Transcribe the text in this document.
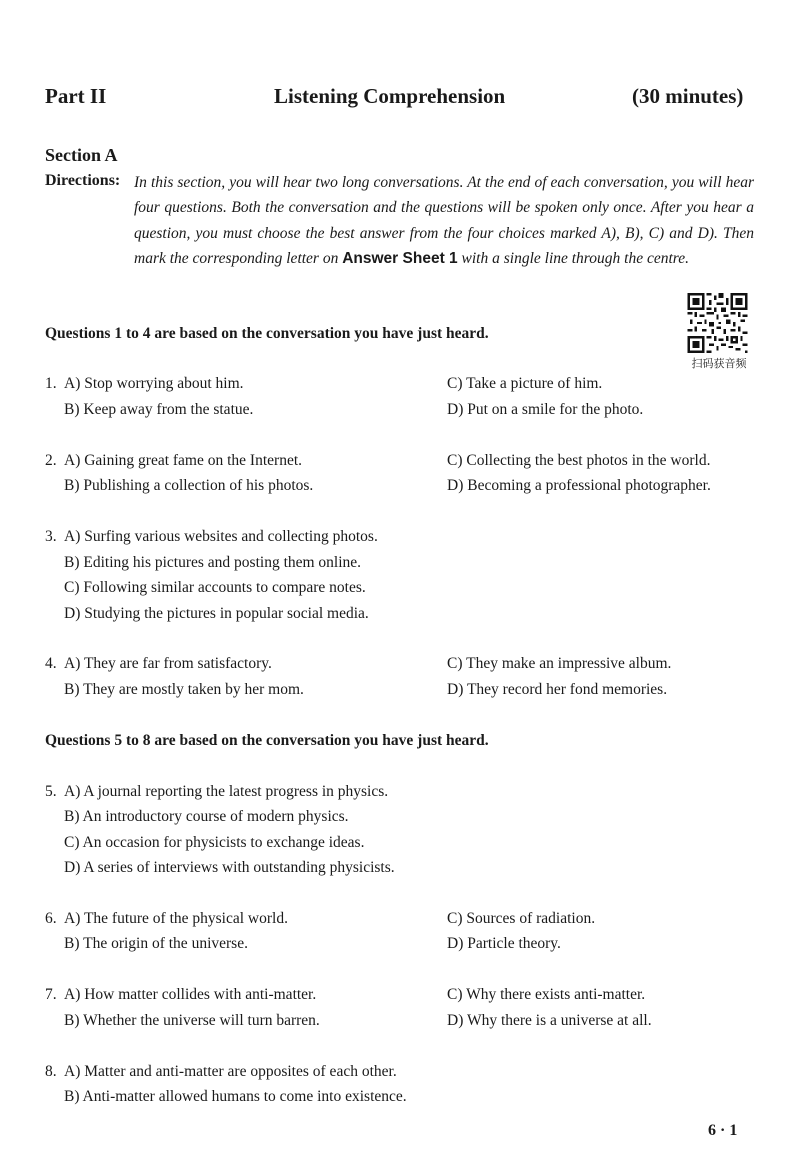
Part II	Listening Comprehension	(30 minutes)
Section A
Directions: In this section, you will hear two long conversations. At the end of each conversation, you will hear four questions. Both the conversation and the questions will be spoken only once. After you hear a question, you must choose the best answer from the four choices marked A), B), C) and D). Then mark the corresponding letter on Answer Sheet 1 with a single line through the centre.
扫码获音频
Questions 1 to 4 are based on the conversation you have just heard.
1. A) Stop worrying about him.
B) Keep away from the statue.
C) Take a picture of him.
D) Put on a smile for the photo.
2. A) Gaining great fame on the Internet.
B) Publishing a collection of his photos.
C) Collecting the best photos in the world.
D) Becoming a professional photographer.
3. A) Surfing various websites and collecting photos.
B) Editing his pictures and posting them online.
C) Following similar accounts to compare notes.
D) Studying the pictures in popular social media.
4. A) They are far from satisfactory.
B) They are mostly taken by her mom.
C) They make an impressive album.
D) They record her fond memories.
Questions 5 to 8 are based on the conversation you have just heard.
5. A) A journal reporting the latest progress in physics.
B) An introductory course of modern physics.
C) An occasion for physicists to exchange ideas.
D) A series of interviews with outstanding physicists.
6. A) The future of the physical world.
B) The origin of the universe.
C) Sources of radiation.
D) Particle theory.
7. A) How matter collides with anti-matter.
B) Whether the universe will turn barren.
C) Why there exists anti-matter.
D) Why there is a universe at all.
8. A) Matter and anti-matter are opposites of each other.
B) Anti-matter allowed humans to come into existence.
6 · 1
